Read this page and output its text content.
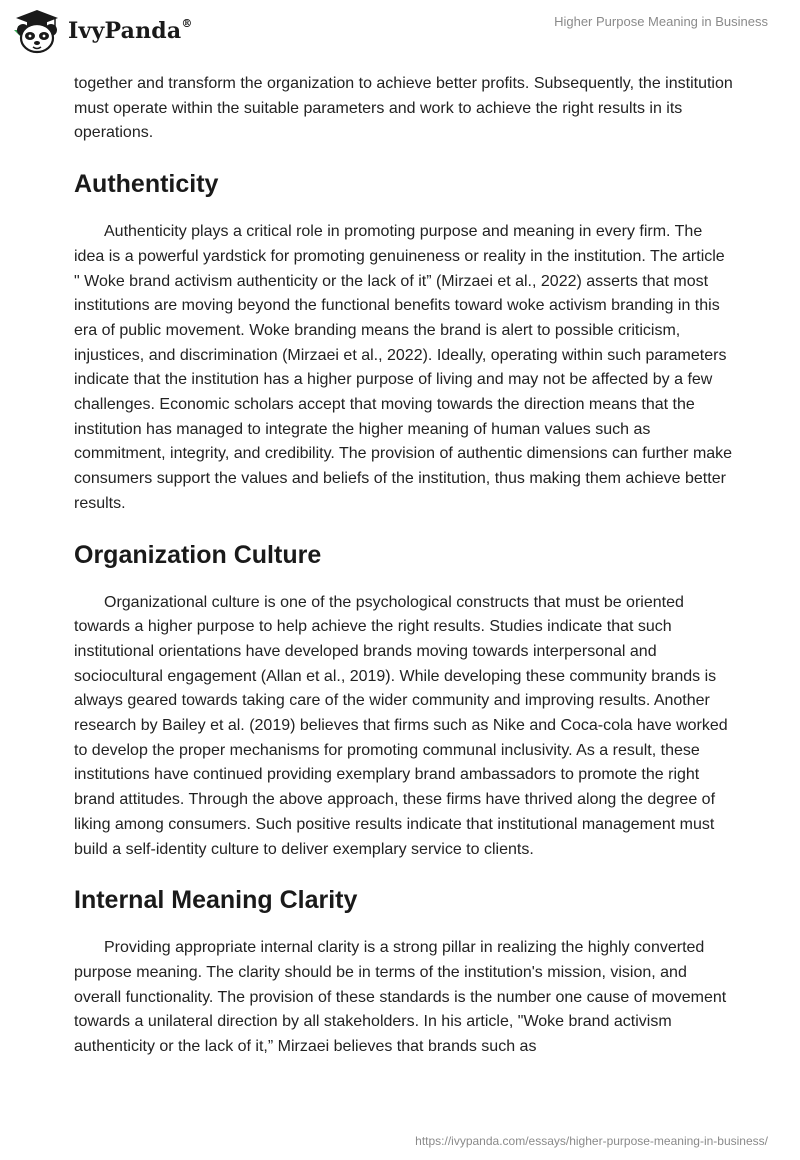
IvyPanda®	Higher Purpose Meaning in Business

together and transform the organization to achieve better profits. Subsequently, the institution must operate within the suitable parameters and work to achieve the right results in its operations.

Authenticity

Authenticity plays a critical role in promoting purpose and meaning in every firm. The idea is a powerful yardstick for promoting genuineness or reality in the institution. The article " Woke brand activism authenticity or the lack of it” (Mirzaei et al., 2022) asserts that most institutions are moving beyond the functional benefits toward woke activism branding in this era of public movement. Woke branding means the brand is alert to possible criticism, injustices, and discrimination (Mirzaei et al., 2022). Ideally, operating within such parameters indicate that the institution has a higher purpose of living and may not be affected by a few challenges. Economic scholars accept that moving towards the direction means that the institution has managed to integrate the higher meaning of human values such as commitment, integrity, and credibility. The provision of authentic dimensions can further make consumers support the values and beliefs of the institution, thus making them achieve better results.

Organization Culture

Organizational culture is one of the psychological constructs that must be oriented towards a higher purpose to help achieve the right results. Studies indicate that such institutional orientations have developed brands moving towards interpersonal and sociocultural engagement (Allan et al., 2019). While developing these community brands is always geared towards taking care of the wider community and improving results. Another research by Bailey et al. (2019) believes that firms such as Nike and Coca-cola have worked to develop the proper mechanisms for promoting communal inclusivity. As a result, these institutions have continued providing exemplary brand ambassadors to promote the right brand attitudes. Through the above approach, these firms have thrived along the degree of liking among consumers. Such positive results indicate that institutional management must build a self-identity culture to deliver exemplary service to clients.

Internal Meaning Clarity

Providing appropriate internal clarity is a strong pillar in realizing the highly converted purpose meaning. The clarity should be in terms of the institution's mission, vision, and overall functionality. The provision of these standards is the number one cause of movement towards a unilateral direction by all stakeholders. In his article, "Woke brand activism authenticity or the lack of it,” Mirzaei believes that brands such as

https://ivypanda.com/essays/higher-purpose-meaning-in-business/
